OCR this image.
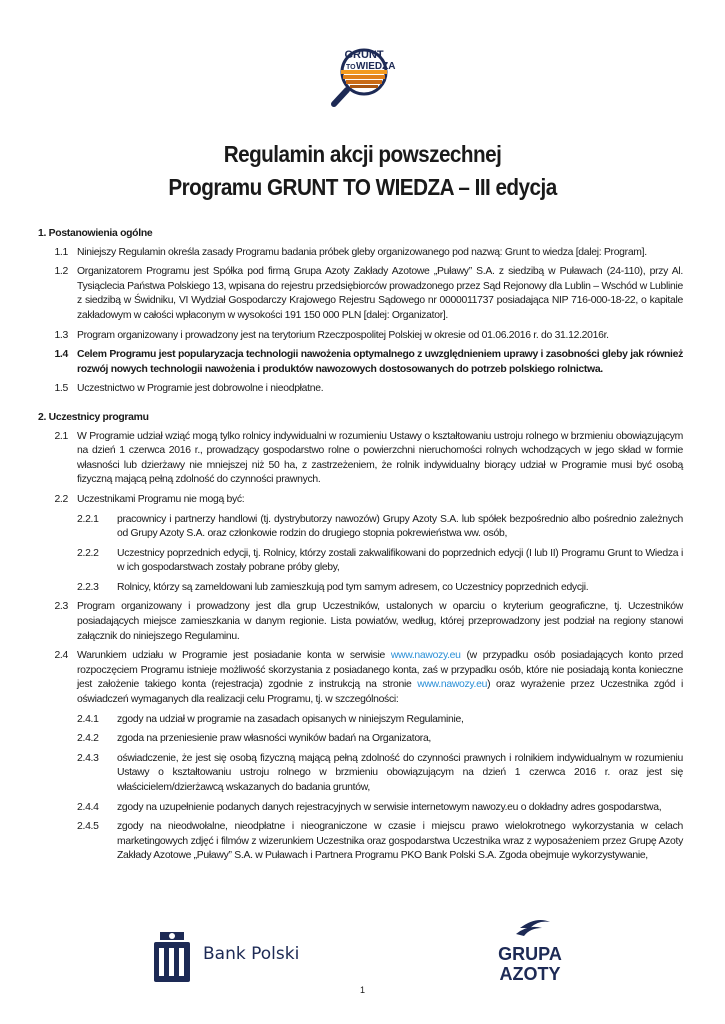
GRUNT
TO WIEDZA
Regulamin akcji powszechnej
Programu GRUNT TO WIEDZA – III edycja
1. Postanowienia ogólne
1.1 Niniejszy Regulamin określa zasady Programu badania próbek gleby organizowanego pod nazwą: Grunt to wiedza [dalej: Program].
1.2 Organizatorem Programu jest Spółka pod firmą Grupa Azoty Zakłady Azotowe „Puławy” S.A. z siedzibą w Puławach (24-110), przy Al. Tysiąclecia Państwa Polskiego 13, wpisana do rejestru przedsiębiorców prowadzonego przez Sąd Rejonowy dla Lublin – Wschód w Lublinie z siedzibą w Świdniku, VI Wydział Gospodarczy Krajowego Rejestru Sądowego nr 0000011737 posiadająca NIP 716-000-18-22, o kapitale zakładowym w całości wpłaconym w wysokości 191 150 000 PLN [dalej: Organizator].
1.3 Program organizowany i prowadzony jest na terytorium Rzeczpospolitej Polskiej w okresie od 01.06.2016 r. do 31.12.2016r.
1.4 Celem Programu jest popularyzacja technologii nawożenia optymalnego z uwzględnieniem uprawy i zasobności gleby jak również rozwój nowych technologii nawożenia i produktów nawozowych dostosowanych do potrzeb polskiego rolnictwa.
1.5 Uczestnictwo w Programie jest dobrowolne i nieodpłatne.
2. Uczestnicy programu
2.1 W Programie udział wziąć mogą tylko rolnicy indywidualni w rozumieniu Ustawy o kształtowaniu ustroju rolnego w brzmieniu obowiązującym na dzień 1 czerwca 2016 r., prowadzący gospodarstwo rolne o powierzchni nieruchomości rolnych wchodzących w jego skład w formie własności lub dzierżawy nie mniejszej niż 50 ha, z zastrzeżeniem, że rolnik indywidualny biorący udział w Programie musi być osobą fizyczną mającą pełną zdolność do czynności prawnych.
2.2 Uczestnikami Programu nie mogą być:
2.2.1	pracownicy i partnerzy handlowi (tj. dystrybutorzy nawozów) Grupy Azoty S.A. lub spółek bezpośrednio albo pośrednio zależnych od Grupy Azoty S.A. oraz członkowie rodzin do drugiego stopnia pokrewieństwa ww. osób,
2.2.2	Uczestnicy poprzednich edycji, tj. Rolnicy, którzy zostali zakwalifikowani do poprzednich edycji (I lub II) Programu Grunt to Wiedza i w ich gospodarstwach zostały pobrane próby gleby,
2.2.3	Rolnicy, którzy są zameldowani lub zamieszkują pod tym samym adresem, co Uczestnicy poprzednich edycji.
2.3 Program organizowany i prowadzony jest dla grup Uczestników, ustalonych w oparciu o kryterium geograficzne, tj. Uczestników posiadających miejsce zamieszkania w danym regionie. Lista powiatów, według, której przeprowadzony jest podział na regiony stanowi załącznik do niniejszego Regulaminu.
2.4 Warunkiem udziału w Programie jest posiadanie konta w serwisie www.nawozy.eu (w przypadku osób posiadających konto przed rozpoczęciem Programu istnieje możliwość skorzystania z posiadanego konta, zaś w przypadku osób, które nie posiadają konta konieczne jest założenie takiego konta (rejestracja) zgodnie z instrukcją na stronie www.nawozy.eu) oraz wyrażenie przez Uczestnika zgód i oświadczeń wymaganych dla realizacji celu Programu, tj. w szczególności:
2.4.1	zgody na udział w programie na zasadach opisanych w niniejszym Regulaminie,
2.4.2	zgoda na przeniesienie praw własności wyników badań na Organizatora,
2.4.3	oświadczenie, że jest się osobą fizyczną mającą pełną zdolność do czynności prawnych i rolnikiem indywidualnym w rozumieniu Ustawy o kształtowaniu ustroju rolnego w brzmieniu obowiązującym na dzień 1 czerwca 2016 r. oraz jest się właścicielem/dzierżawcą wskazanych do badania gruntów,
2.4.4	zgody na uzupełnienie podanych danych rejestracyjnych w serwisie internetowym nawozy.eu o dokładny adres gospodarstwa,
2.4.5	zgody na nieodwołalne, nieodpłatne i nieograniczone w czasie i miejscu prawo wielokrotnego wykorzystania w celach marketingowych zdjęć i filmów z wizerunkiem Uczestnika oraz gospodarstwa Uczestnika wraz z wyposażeniem przez Grupę Azoty Zakłady Azotowe „Puławy” S.A. w Puławach i Partnera Programu PKO Bank Polski S.A. Zgoda obejmuje wykorzystywanie,
Bank Polski
1
GRUPA
AZOTY
